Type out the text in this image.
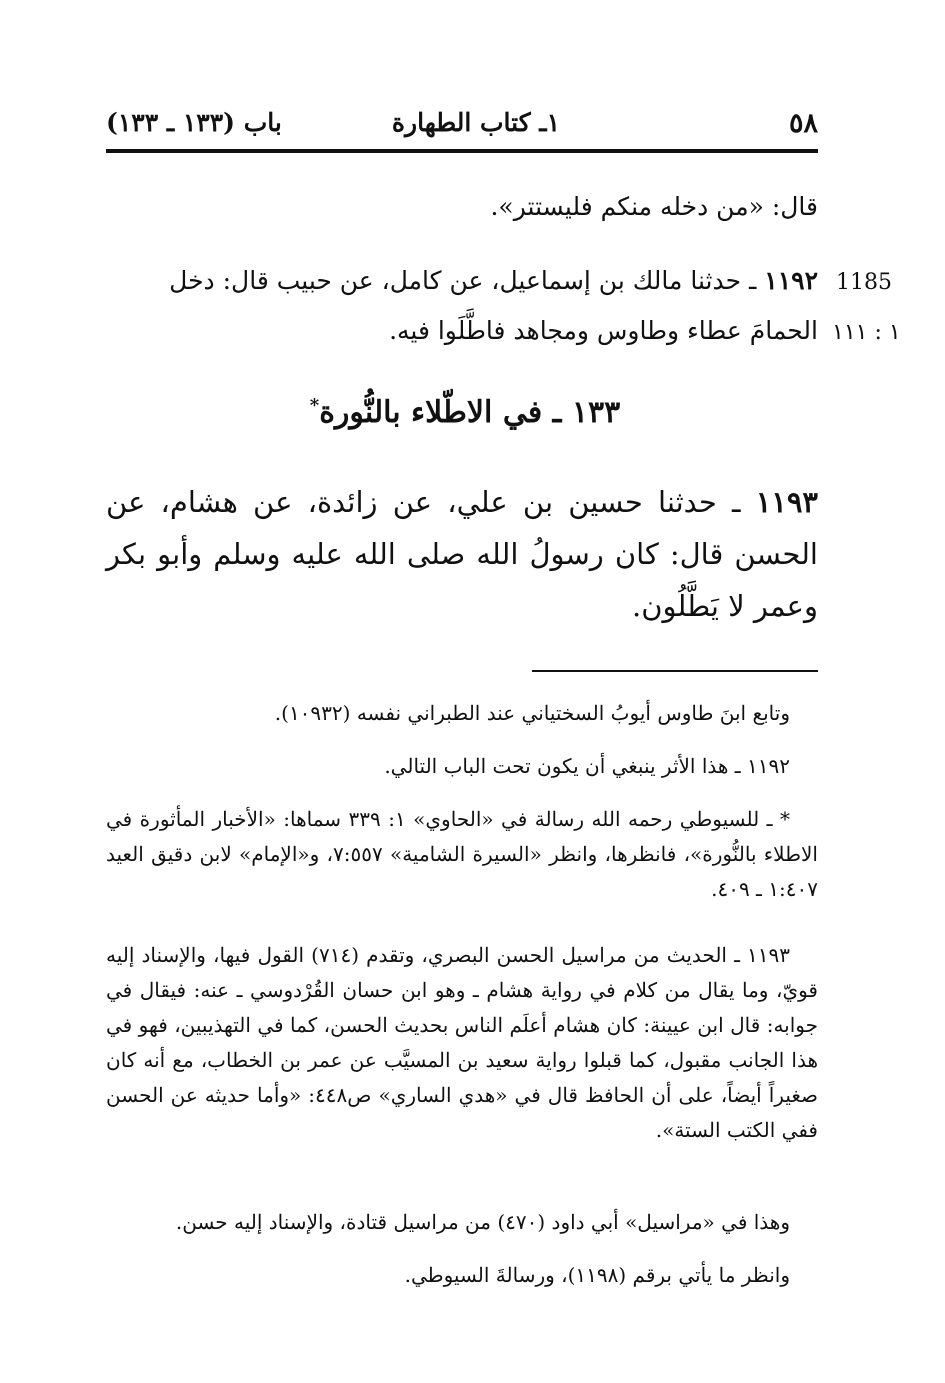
٥٨
١ـ كتاب الطهارة
باب (١٣٣ ـ ١٣٣)
قال: «من دخله منكم فليستتر».
١١٩٢ ـ حدثنا مالك بن إسماعيل، عن كامل، عن حبيب قال: دخل
الحمامَ عطاء وطاوس ومجاهد فاطَّلَوا فيه.
1185
١ : ١١١
١٣٣ ـ في الاطّلاء بالنُّورة*
١١٩٣ ـ حدثنا حسين بن علي، عن زائدة، عن هشام، عن الحسن قال: كان رسولُ الله صلى الله عليه وسلم وأبو بكر وعمر لا يَطَّلُون.
وتابع ابنَ طاوس أيوبُ السختياني عند الطبراني نفسه (١٠٩٣٢).
١١٩٢ ـ هذا الأثر ينبغي أن يكون تحت الباب التالي.
* ـ للسيوطي رحمه الله رسالة في «الحاوي» ١: ٣٣٩ سماها: «الأخبار المأثورة في الاطلاء بالنُّورة»، فانظرها، وانظر «السيرة الشامية» ٧:٥٥٧، و«الإمام» لابن دقيق العيد ١:٤٠٧ ـ ٤٠٩.
١١٩٣ ـ الحديث من مراسيل الحسن البصري، وتقدم (٧١٤) القول فيها، والإسناد إليه قويّ، وما يقال من كلام في رواية هشام ـ وهو ابن حسان القُرْدوسي ـ عنه: فيقال في جوابه: قال ابن عيينة: كان هشام أعلَم الناس بحديث الحسن، كما في التهذيبين، فهو في هذا الجانب مقبول، كما قبلوا رواية سعيد بن المسيَّب عن عمر بن الخطاب، مع أنه كان صغيراً أيضاً، على أن الحافظ قال في «هدي الساري» ص٤٤٨: «وأما حديثه عن الحسن ففي الكتب الستة».
وهذا في «مراسيل» أبي داود (٤٧٠) من مراسيل قتادة، والإسناد إليه حسن.
وانظر ما يأتي برقم (١١٩٨)، ورسالةَ السيوطي.
